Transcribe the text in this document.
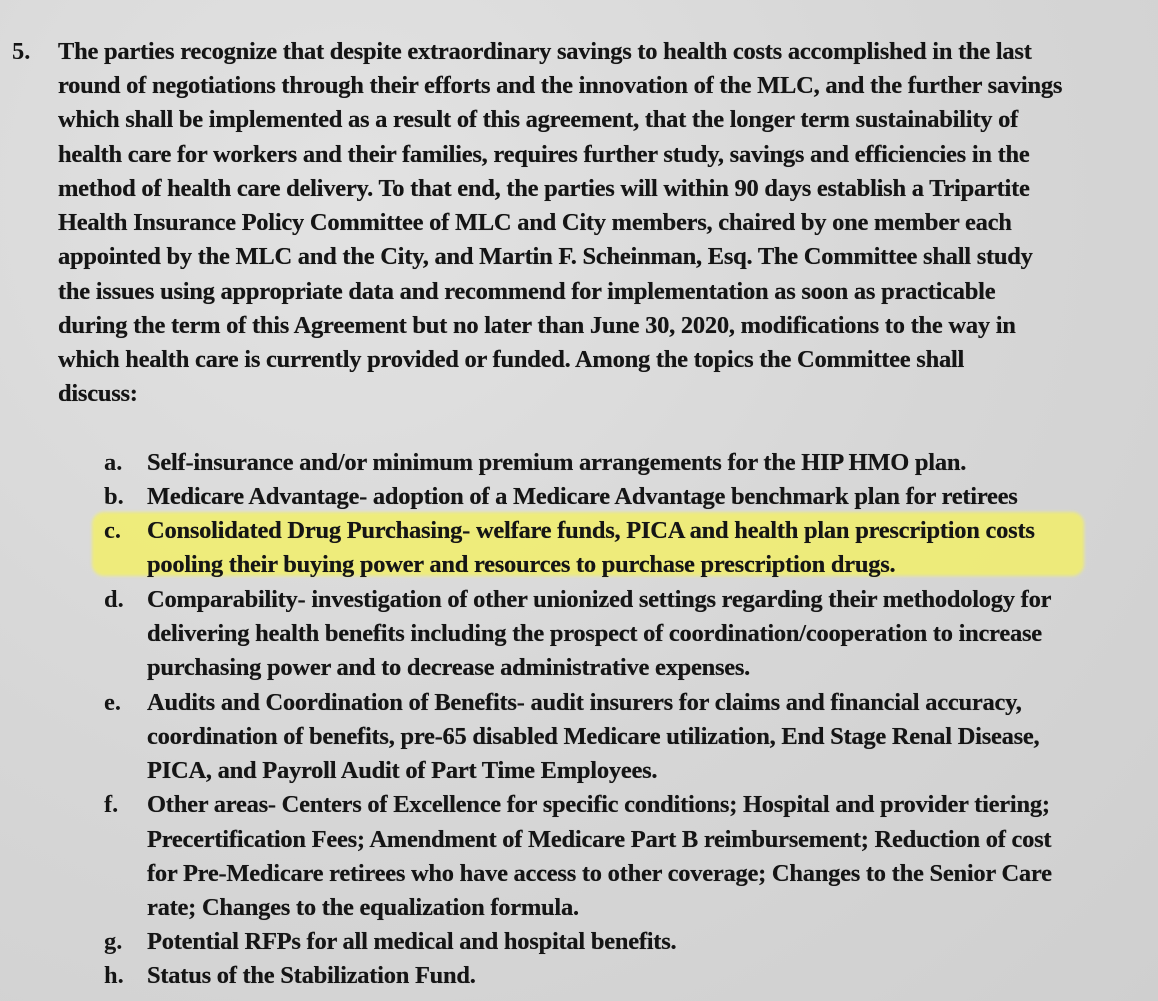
5. The parties recognize that despite extraordinary savings to health costs accomplished in the last
round of negotiations through their efforts and the innovation of the MLC, and the further savings
which shall be implemented as a result of this agreement, that the longer term sustainability of
health care for workers and their families, requires further study, savings and efficiencies in the
method of health care delivery. To that end, the parties will within 90 days establish a Tripartite
Health Insurance Policy Committee of MLC and City members, chaired by one member each
appointed by the MLC and the City, and Martin F. Scheinman, Esq. The Committee shall study
the issues using appropriate data and recommend for implementation as soon as practicable
during the term of this Agreement but no later than June 30, 2020, modifications to the way in
which health care is currently provided or funded. Among the topics the Committee shall
discuss:
a. Self-insurance and/or minimum premium arrangements for the HIP HMO plan.
b. Medicare Advantage- adoption of a Medicare Advantage benchmark plan for retirees
c. Consolidated Drug Purchasing- welfare funds, PICA and health plan prescription costs
pooling their buying power and resources to purchase prescription drugs.
d. Comparability- investigation of other unionized settings regarding their methodology for
delivering health benefits including the prospect of coordination/cooperation to increase
purchasing power and to decrease administrative expenses.
e. Audits and Coordination of Benefits- audit insurers for claims and financial accuracy,
coordination of benefits, pre-65 disabled Medicare utilization, End Stage Renal Disease,
PICA, and Payroll Audit of Part Time Employees.
f. Other areas- Centers of Excellence for specific conditions; Hospital and provider tiering;
Precertification Fees; Amendment of Medicare Part B reimbursement; Reduction of cost
for Pre-Medicare retirees who have access to other coverage; Changes to the Senior Care
rate; Changes to the equalization formula.
g. Potential RFPs for all medical and hospital benefits.
h. Status of the Stabilization Fund.
